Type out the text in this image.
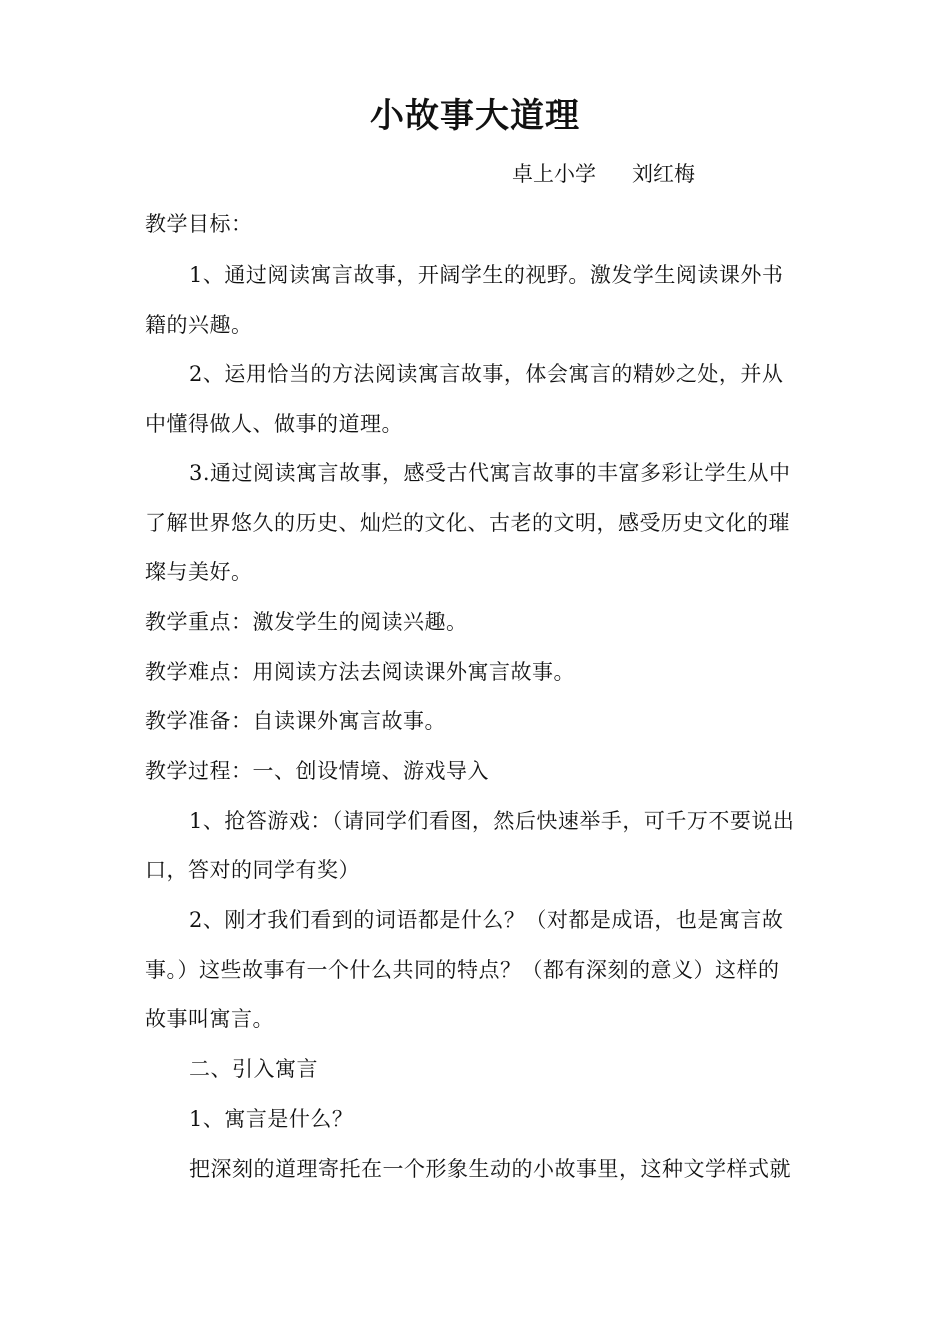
小故事大道理
卓上小学 刘红梅
教学目标：
1、通过阅读寓言故事，开阔学生的视野。激发学生阅读课外书
籍的兴趣。
2、运用恰当的方法阅读寓言故事，体会寓言的精妙之处，并从
中懂得做人、做事的道理。
3.通过阅读寓言故事，感受古代寓言故事的丰富多彩让学生从中
了解世界悠久的历史、灿烂的文化、古老的文明，感受历史文化的璀
璨与美好。
教学重点：激发学生的阅读兴趣。
教学难点：用阅读方法去阅读课外寓言故事。
教学准备：自读课外寓言故事。
教学过程：一、创设情境、游戏导入
1、抢答游戏：（请同学们看图，然后快速举手，可千万不要说出
口，答对的同学有奖）
2、刚才我们看到的词语都是什么？（对都是成语，也是寓言故
事。）这些故事有一个什么共同的特点？（都有深刻的意义）这样的
故事叫寓言。
二、引入寓言
1、寓言是什么？
把深刻的道理寄托在一个形象生动的小故事里，这种文学样式就
